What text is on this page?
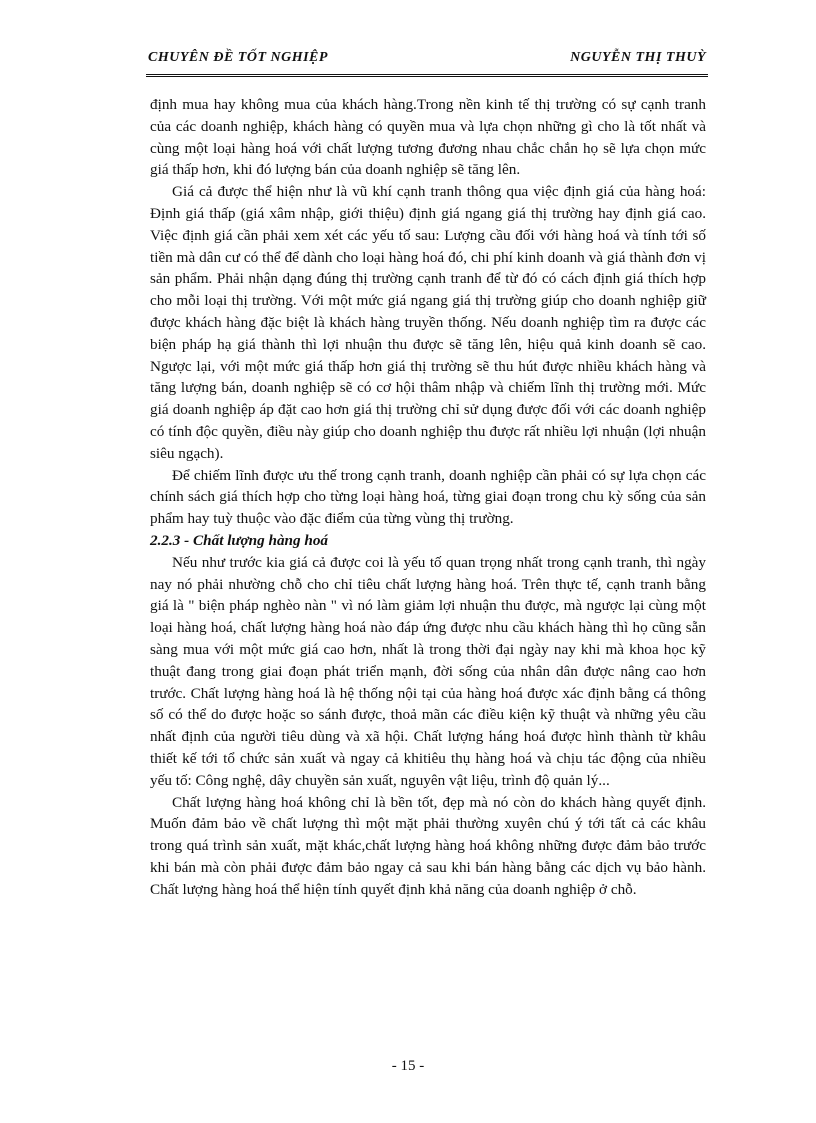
CHUYÊN ĐỀ TỐT NGHIỆP	NGUYỄN THỊ THUỲ

định mua hay không mua của khách hàng.Trong nền kinh tế thị trường có sự cạnh tranh của các doanh nghiệp, khách hàng có quyền mua và lựa chọn những gì cho là tốt nhất và cùng một loại hàng hoá với chất lượng tương đương nhau chắc chắn họ sẽ lựa chọn mức giá thấp hơn, khi đó lượng bán của doanh nghiệp sẽ tăng lên.

Giá cả được thể hiện như là vũ khí cạnh tranh thông qua việc định giá của hàng hoá: Định giá thấp (giá xâm nhập, giới thiệu) định giá ngang giá thị trường hay định giá cao. Việc định giá cần phải xem xét các yếu tố sau: Lượng cầu đối với hàng hoá và tính tới số tiền mà dân cư có thể để dành cho loại hàng hoá đó, chi phí kinh doanh và giá thành đơn vị sản phẩm. Phải nhận dạng đúng thị trường cạnh tranh để từ đó có cách định giá thích hợp cho mỗi loại thị trường. Với một mức giá ngang giá thị trường giúp cho doanh nghiệp giữ được khách hàng đặc biệt là khách hàng truyền thống. Nếu doanh nghiệp tìm ra được các biện pháp hạ giá thành thì lợi nhuận thu được sẽ tăng lên, hiệu quả kinh doanh sẽ cao. Ngược lại, với một mức giá thấp hơn giá thị trường sẽ thu hút được nhiều khách hàng và tăng lượng bán, doanh nghiệp sẽ có cơ hội thâm nhập và chiếm lĩnh thị trường mới. Mức giá doanh nghiệp áp đặt cao hơn giá thị trường chỉ sử dụng được đối với các doanh nghiệp có tính độc quyền, điều này giúp cho doanh nghiệp thu được rất nhiều lợi nhuận (lợi nhuận siêu ngạch).

Để chiếm lĩnh được ưu thế trong cạnh tranh, doanh nghiệp cần phải có sự lựa chọn các chính sách giá thích hợp cho từng loại hàng hoá, từng giai đoạn trong chu kỳ sống của sản phẩm hay tuỳ thuộc vào đặc điểm của từng vùng thị trường.

2.2.3 - Chất lượng hàng hoá

Nếu như trước kia giá cả được coi là yếu tố quan trọng nhất trong cạnh tranh, thì ngày nay nó phải nhường chỗ cho chỉ tiêu chất lượng hàng hoá. Trên thực tế, cạnh tranh bằng giá là " biện pháp nghèo nàn " vì nó làm giảm lợi nhuận thu được, mà ngược lại cùng một loại hàng hoá, chất lượng hàng hoá nào đáp ứng được nhu cầu khách hàng thì họ cũng sẵn sàng mua với một mức giá cao hơn, nhất là trong thời đại ngày nay khi mà khoa học kỹ thuật đang trong giai đoạn phát triển mạnh, đời sống của nhân dân được nâng cao hơn trước. Chất lượng hàng hoá là hệ thống nội tại của hàng hoá được xác định bằng cá thông số có thể do được hoặc so sánh được, thoả mãn các điều kiện kỹ thuật và những yêu cầu nhất định của người tiêu dùng và xã hội. Chất lượng háng hoá được hình thành từ khâu thiết kế tới tổ chức sản xuất và ngay cả khitiêu thụ hàng hoá và chịu tác động của nhiều yếu tố: Công nghệ, dây chuyền sản xuất, nguyên vật liệu, trình độ quản lý...

Chất lượng hàng hoá không chỉ là bền tốt, đẹp mà nó còn do khách hàng quyết định. Muốn đảm bảo về chất lượng thì một mặt phải thường xuyên chú ý tới tất cả các khâu trong quá trình sản xuất, mặt khác,chất lượng hàng hoá không những được đảm bảo trước khi bán mà còn phải được đảm bảo ngay cả sau khi bán hàng bằng các dịch vụ bảo hành. Chất lượng hàng hoá thể hiện tính quyết định khả năng của doanh nghiệp ở chỗ.

- 15 -
